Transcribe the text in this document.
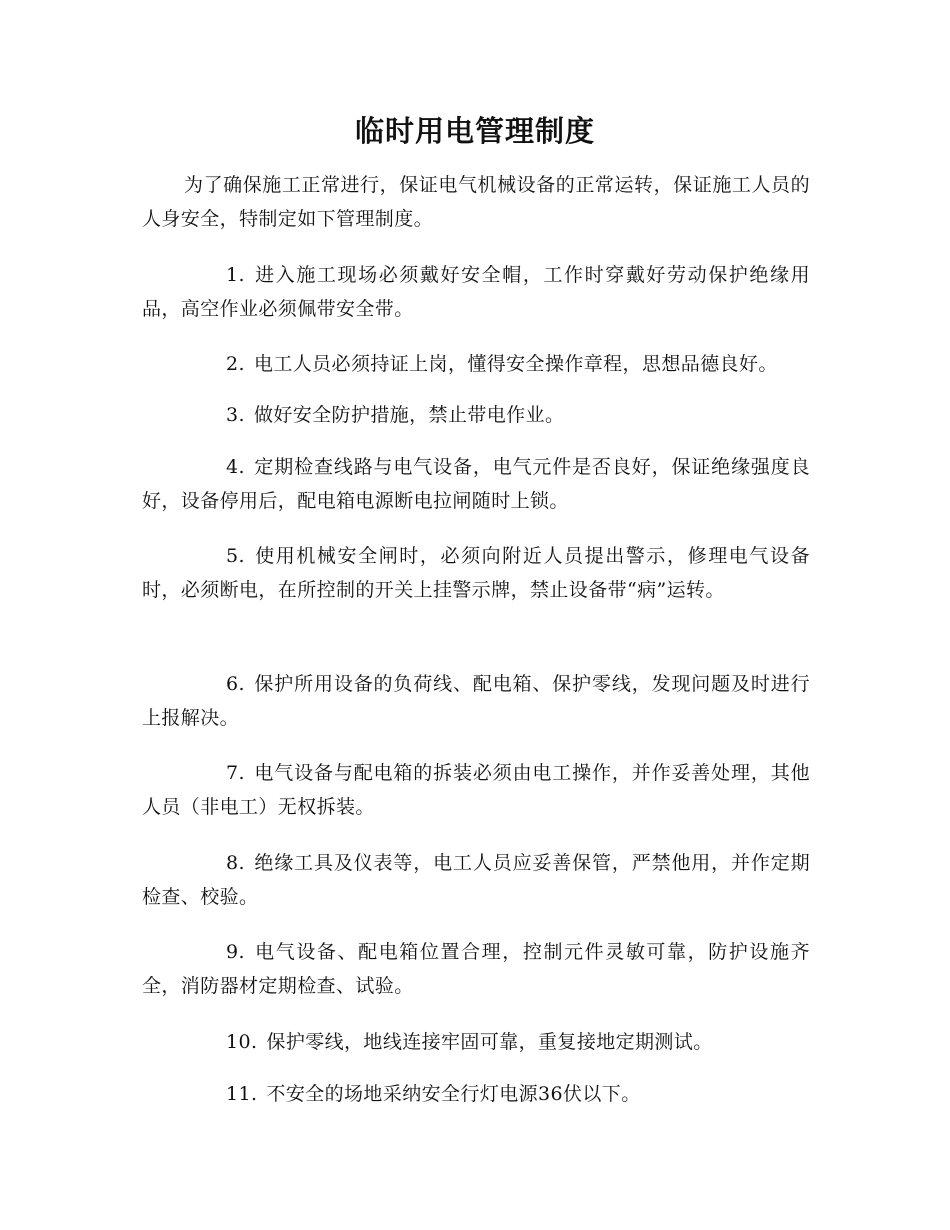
临时用电管理制度

为了确保施工正常进行，保证电气机械设备的正常运转，保证施工人员的人身安全，特制定如下管理制度。

1. 进入施工现场必须戴好安全帽，工作时穿戴好劳动保护绝缘用品，高空作业必须佩带安全带。

2. 电工人员必须持证上岗，懂得安全操作章程，思想品德良好。

3. 做好安全防护措施，禁止带电作业。

4. 定期检查线路与电气设备，电气元件是否良好，保证绝缘强度良好，设备停用后，配电箱电源断电拉闸随时上锁。

5. 使用机械安全闸时，必须向附近人员提出警示，修理电气设备时，必须断电，在所控制的开关上挂警示牌，禁止设备带“病”运转。

6. 保护所用设备的负荷线、配电箱、保护零线，发现问题及时进行上报解决。

7. 电气设备与配电箱的拆装必须由电工操作，并作妥善处理，其他人员（非电工）无权拆装。

8. 绝缘工具及仪表等，电工人员应妥善保管，严禁他用，并作定期检查、校验。

9. 电气设备、配电箱位置合理，控制元件灵敏可靠，防护设施齐全，消防器材定期检查、试验。

10. 保护零线，地线连接牢固可靠，重复接地定期测试。

11. 不安全的场地采纳安全行灯电源36伏以下。
